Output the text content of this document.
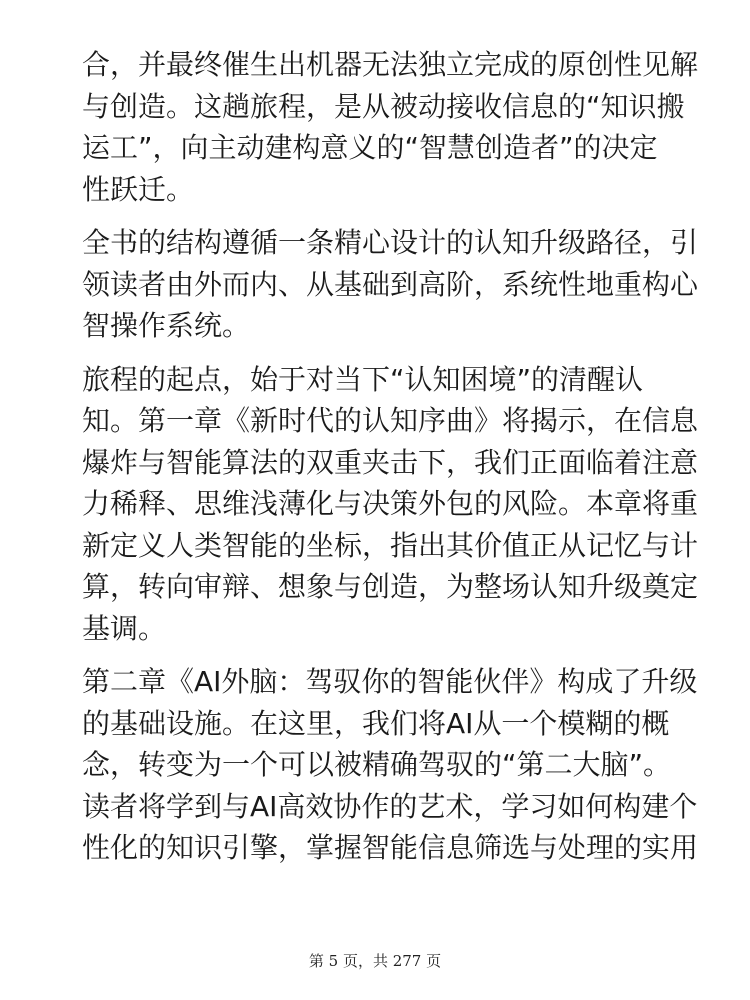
合，并最终催生出机器无法独立完成的原创性见解
与创造。这趟旅程，是从被动接收信息的“知识搬
运工”，向主动建构意义的“智慧创造者”的决定
性跃迁。

全书的结构遵循一条精心设计的认知升级路径，引
领读者由外而内、从基础到高阶，系统性地重构心
智操作系统。

旅程的起点，始于对当下“认知困境”的清醒认
知。第一章《新时代的认知序曲》将揭示，在信息
爆炸与智能算法的双重夹击下，我们正面临着注意
力稀释、思维浅薄化与决策外包的风险。本章将重
新定义人类智能的坐标，指出其价值正从记忆与计
算，转向审辩、想象与创造，为整场认知升级奠定
基调。

第二章《AI外脑：驾驭你的智能伙伴》构成了升级
的基础设施。在这里，我们将AI从一个模糊的概
念，转变为一个可以被精确驾驭的“第二大脑”。
读者将学到与AI高效协作的艺术，学习如何构建个
性化的知识引擎，掌握智能信息筛选与处理的实用

第 5 页，共 277 页
